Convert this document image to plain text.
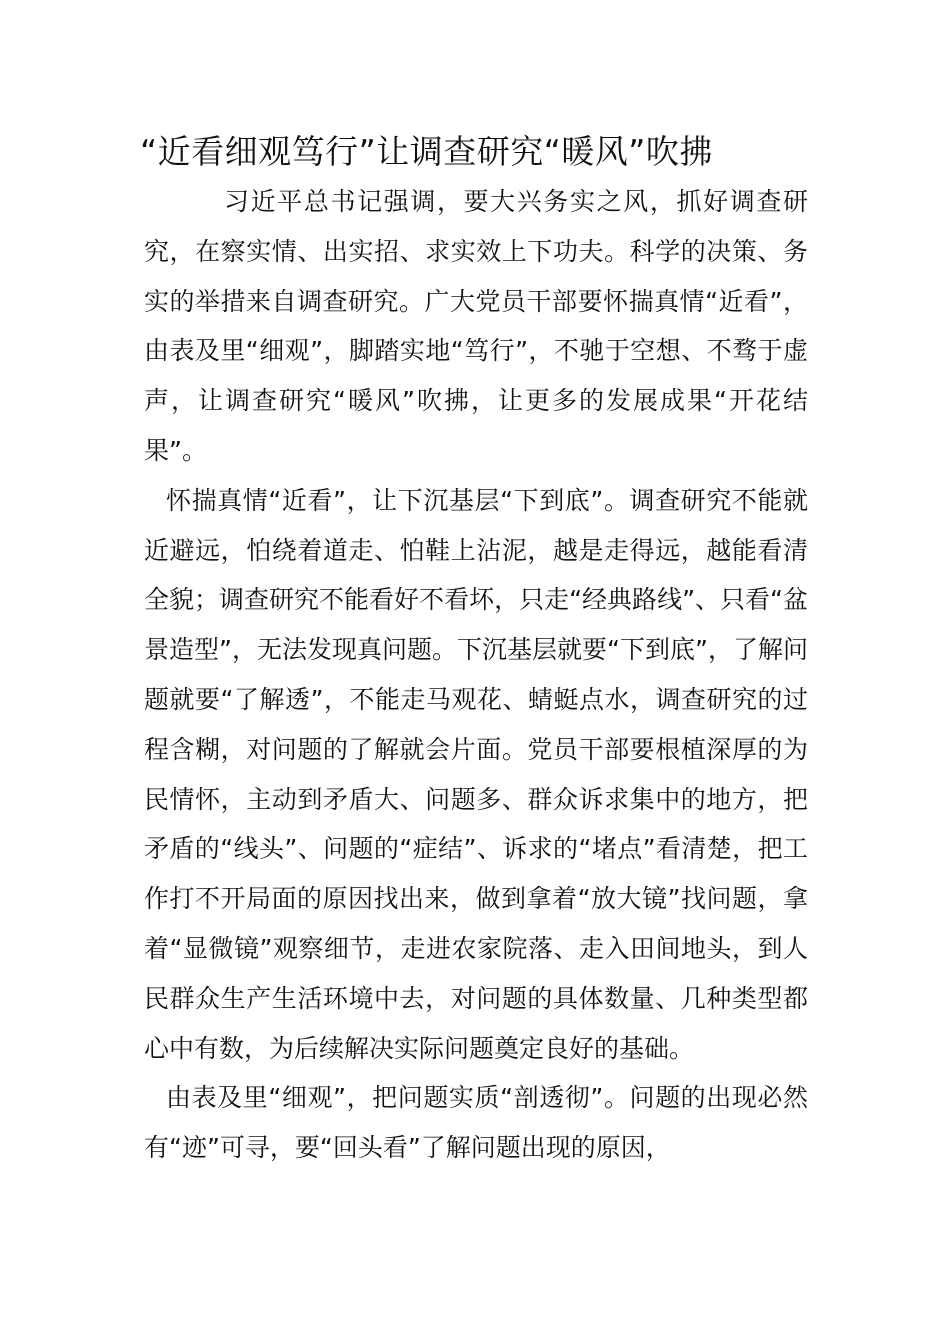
“近看细观笃行”让调查研究“暖风”吹拂

习近平总书记强调，要大兴务实之风，抓好调查研究，在察实情、出实招、求实效上下功夫。科学的决策、务实的举措来自调查研究。广大党员干部要怀揣真情“近看”，由表及里“细观”，脚踏实地“笃行”，不驰于空想、不骛于虚声，让调查研究“暖风”吹拂，让更多的发展成果“开花结果”。

怀揣真情“近看”，让下沉基层“下到底”。调查研究不能就近避远，怕绕着道走、怕鞋上沾泥，越是走得远，越能看清全貌；调查研究不能看好不看坏，只走“经典路线”、只看“盆景造型”，无法发现真问题。下沉基层就要“下到底”，了解问题就要“了解透”，不能走马观花、蜻蜓点水，调查研究的过程含糊，对问题的了解就会片面。党员干部要根植深厚的为民情怀，主动到矛盾大、问题多、群众诉求集中的地方，把矛盾的“线头”、问题的“症结”、诉求的“堵点”看清楚，把工作打不开局面的原因找出来，做到拿着“放大镜”找问题，拿着“显微镜”观察细节，走进农家院落、走入田间地头，到人民群众生产生活环境中去，对问题的具体数量、几种类型都心中有数，为后续解决实际问题奠定良好的基础。

由表及里“细观”，把问题实质“剖透彻”。问题的出现必然有“迹”可寻，要“回头看”了解问题出现的原因，
